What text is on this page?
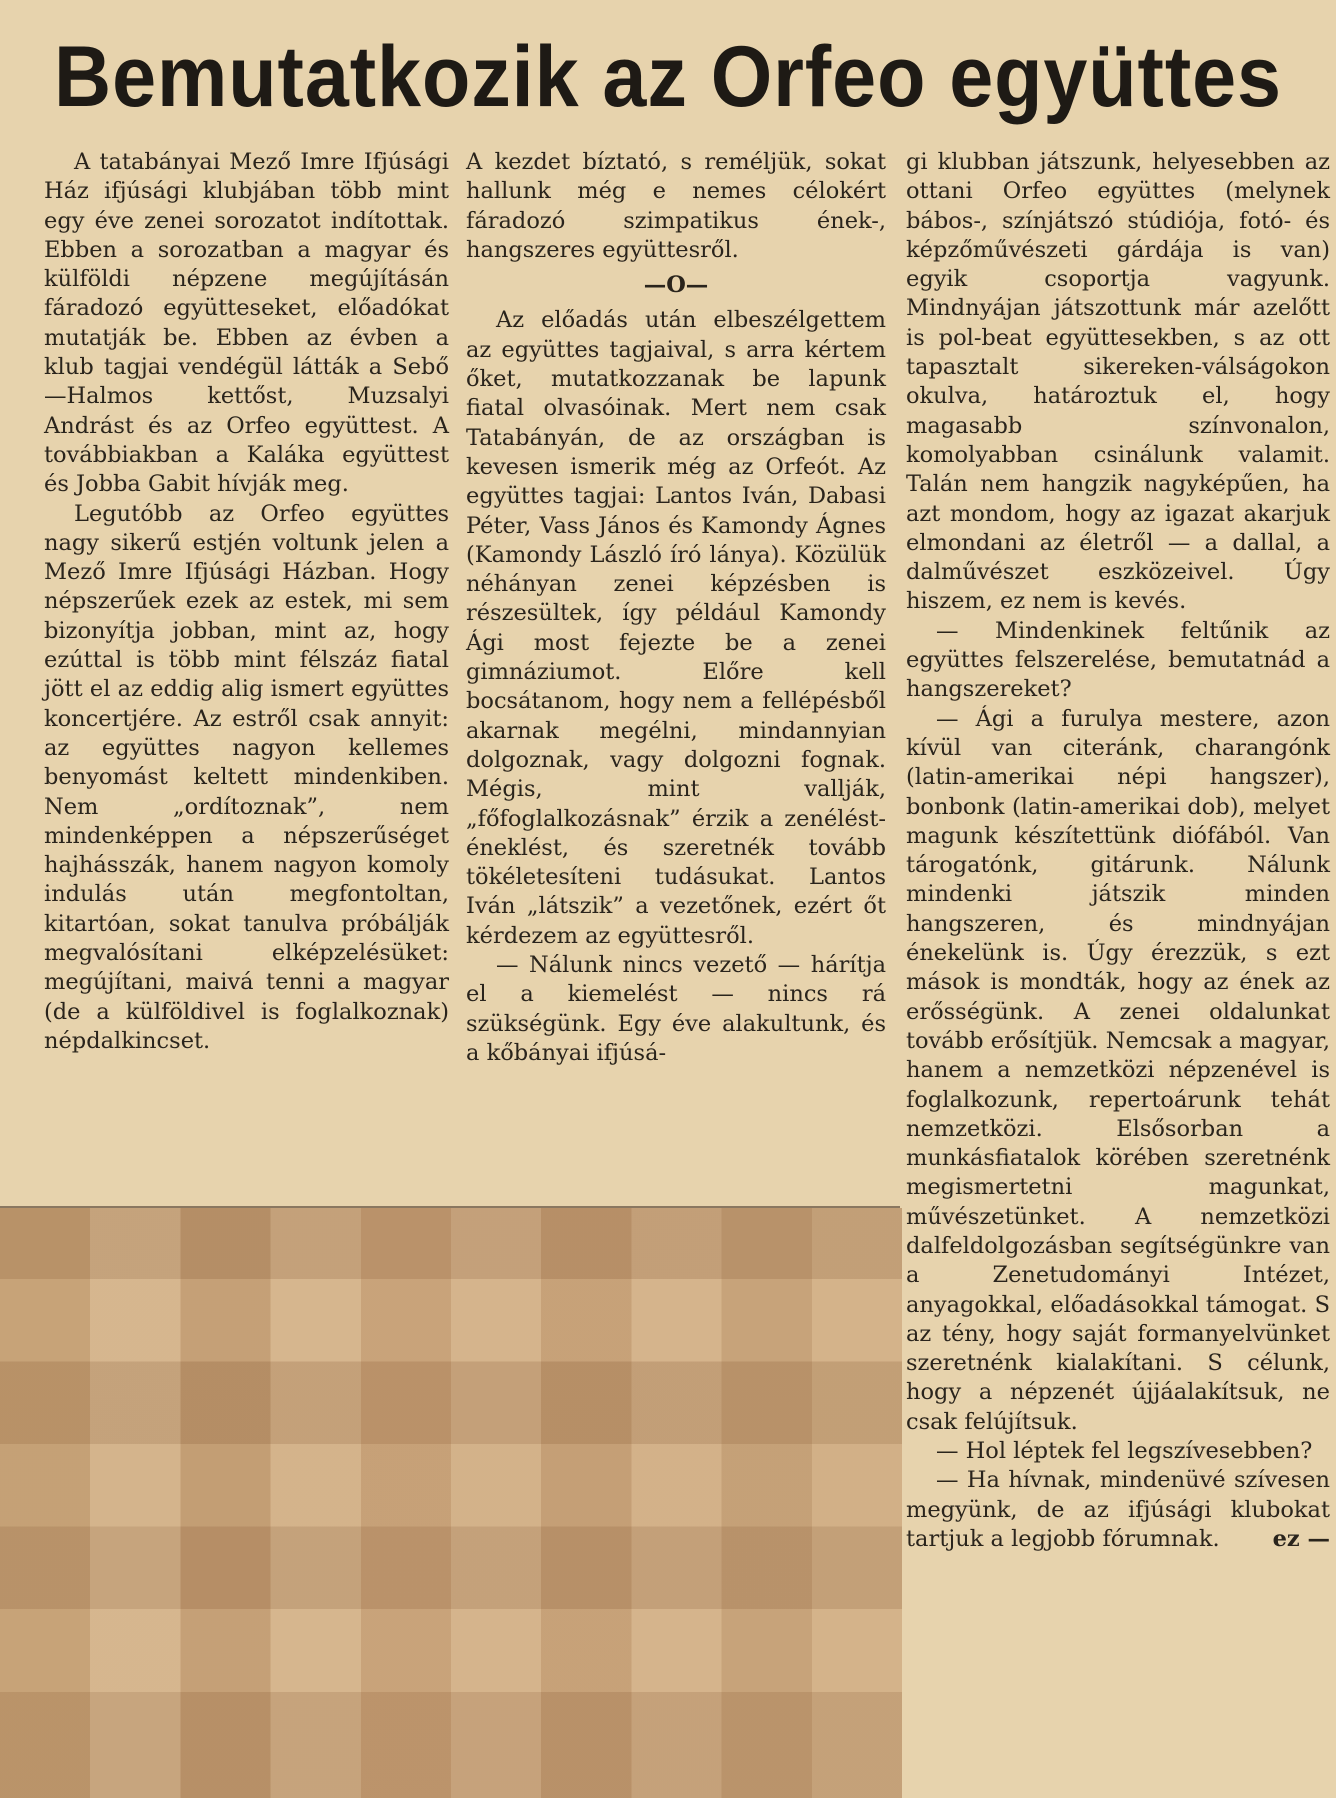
Bemutatkozik az Orfeo együttes

A tatabányai Mező Imre Ifjúsági Ház ifjúsági klubjában több mint egy éve zenei sorozatot indítottak. Ebben a sorozatban a magyar és külföldi népzene megújításán fáradozó együtteseket, előadókat mutatják be. Ebben az évben a klub tagjai vendégül látták a Sebő—Halmos kettőst, Muzsalyi Andrást és az Orfeo együttest. A továbbiakban a Kaláka együttest és Jobba Gabit hívják meg.

Legutóbb az Orfeo együttes nagy sikerű estjén voltunk jelen a Mező Imre Ifjúsági Házban. Hogy népszerűek ezek az estek, mi sem bizonyítja jobban, mint az, hogy ezúttal is több mint félszáz fiatal jött el az eddig alig ismert együttes koncertjére. Az estről csak annyit: az együttes nagyon kellemes benyomást keltett mindenkiben. Nem „ordítoznak”, nem mindenképpen a népszerűséget hajhásszák, hanem nagyon komoly indulás után megfontoltan, kitartóan, sokat tanulva próbálják megvalósítani elképzelésüket: megújítani, maivá tenni a magyar (de a külföldivel is foglalkoznak) népdalkincset.

A kezdet bíztató, s reméljük, sokat hallunk még e nemes célokért fáradozó szimpatikus ének-, hangszeres együttesről.

—O—

Az előadás után elbeszélgettem az együttes tagjaival, s arra kértem őket, mutatkozzanak be lapunk fiatal olvasóinak. Mert nem csak Tatabányán, de az országban is kevesen ismerik még az Orfeót. Az együttes tagjai: Lantos Iván, Dabasi Péter, Vass János és Kamondy Ágnes (Kamondy László író lánya). Közülük néhányan zenei képzésben is részesültek, így például Kamondy Ági most fejezte be a zenei gimnáziumot. Előre kell bocsátanom, hogy nem a fellépésből akarnak megélni, mindannyian dolgoznak, vagy dolgozni fognak. Mégis, mint vallják, „főfoglalkozásnak” érzik a zenélést-éneklést, és szeretnék tovább tökéletesíteni tudásukat. Lantos Iván „látszik” a vezetőnek, ezért őt kérdezem az együttesről.

— Nálunk nincs vezető — hárítja el a kiemelést — nincs rá szükségünk. Egy éve alakultunk, és a kőbányai ifjúsá-

gi klubban játszunk, helyesebben az ottani Orfeo együttes (melynek bábos-, színjátszó stúdiója, fotó- és képzőművészeti gárdája is van) egyik csoportja vagyunk. Mindnyájan játszottunk már azelőtt is pol-beat együttesekben, s az ott tapasztalt sikereken-válságokon okulva, határoztuk el, hogy magasabb színvonalon, komolyabban csinálunk valamit. Talán nem hangzik nagyképűen, ha azt mondom, hogy az igazat akarjuk elmondani az életről — a dallal, a dalművészet eszközeivel. Úgy hiszem, ez nem is kevés.

— Mindenkinek feltűnik az együttes felszerelése, bemutatnád a hangszereket?

— Ági a furulya mestere, azon kívül van citeránk, charangónk (latin-amerikai népi hangszer), bonbonk (latin-amerikai dob), melyet magunk készítettünk diófából. Van tárogatónk, gitárunk. Nálunk mindenki játszik minden hangszeren, és mindnyájan énekelünk is. Úgy érezzük, s ezt mások is mondták, hogy az ének az erősségünk. A zenei oldalunkat tovább erősítjük. Nemcsak a magyar, hanem a nemzetközi népzenével is foglalkozunk, repertoárunk tehát nemzetközi. Elsősorban a munkásfiatalok körében szeretnénk megismertetni magunkat, művészetünket. A nemzetközi dalfeldolgozásban segítségünkre van a Zenetudományi Intézet, anyagokkal, előadásokkal támogat. S az tény, hogy saját formanyelvünket szeretnénk kialakítani. S célunk, hogy a népzenét újjáalakítsuk, ne csak felújítsuk.

— Hol léptek fel legszívesebben?

— Ha hívnak, mindenüvé szívesen megyünk, de az ifjúsági klubokat tartjuk a legjobb fórumnak.	ez —
